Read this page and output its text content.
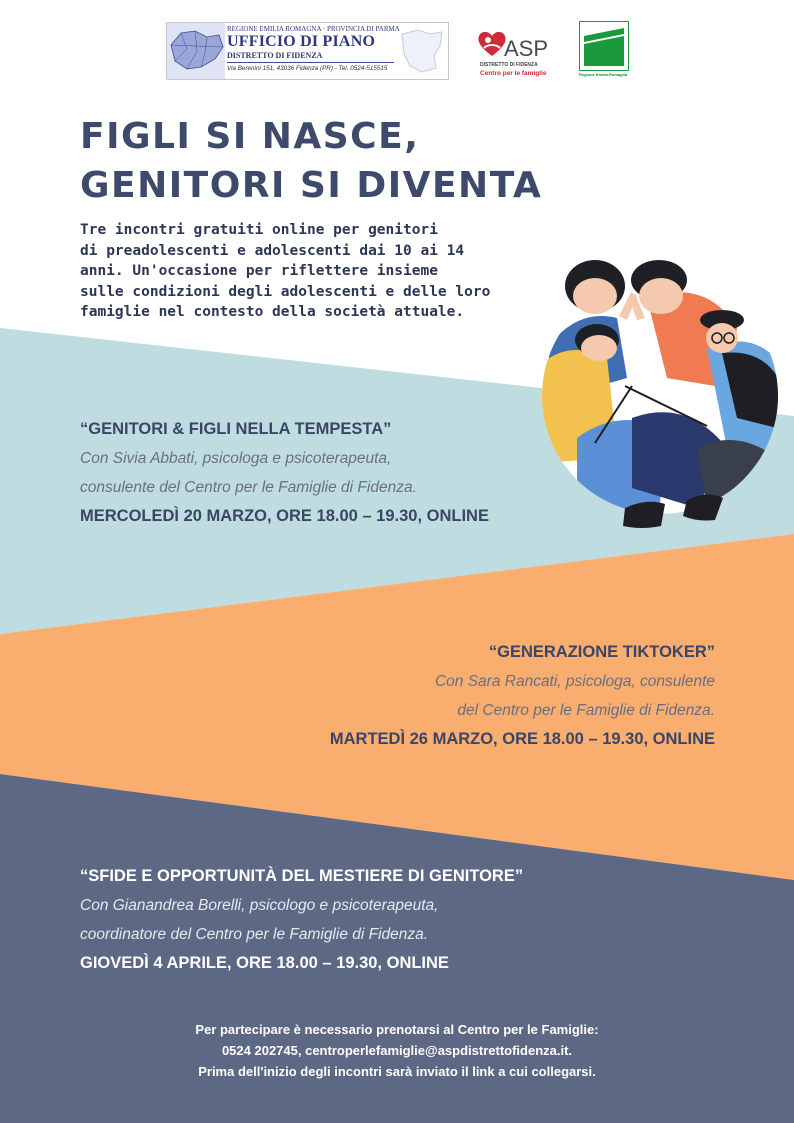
REGIONE EMILIA ROMAGNA · PROVINCIA DI PARMA
UFFICIO DI PIANO
DISTRETTO DI FIDENZA
Via Berenini 151, 43036 Fidenza (PR) - Tel. 0524-515515
ASP
DISTRETTO DI FIDENZA
Centro per le famiglie	Regione Emilia-Romagna
FIGLI SI NASCE,
GENITORI SI DIVENTA

Tre incontri gratuiti online per genitori
di preadolescenti e adolescenti dai 10 ai 14
anni. Un'occasione per riflettere insieme
sulle condizioni degli adolescenti e delle loro
famiglie nel contesto della società attuale.

“GENITORI & FIGLI NELLA TEMPESTA”
Con Sivia Abbati, psicologa e psicoterapeuta,
consulente del Centro per le Famiglie di Fidenza.
MERCOLEDÌ 20 MARZO, ORE 18.00 – 19.30, ONLINE
“GENERAZIONE TIKTOKER”
Con Sara Rancati, psicologa, consulente
del Centro per le Famiglie di Fidenza.
MARTEDÌ 26 MARZO, ORE 18.00 – 19.30, ONLINE
“SFIDE E OPPORTUNITÀ DEL MESTIERE DI GENITORE”
Con Gianandrea Borelli, psicologo e psicoterapeuta,
coordinatore del Centro per le Famiglie di Fidenza.
GIOVEDÌ 4 APRILE, ORE 18.00 – 19.30, ONLINE
Per partecipare è necessario prenotarsi al Centro per le Famiglie:
0524 202745, centroperlefamiglie@aspdistrettofidenza.it.
Prima dell'inizio degli incontri sarà inviato il link a cui collegarsi.
